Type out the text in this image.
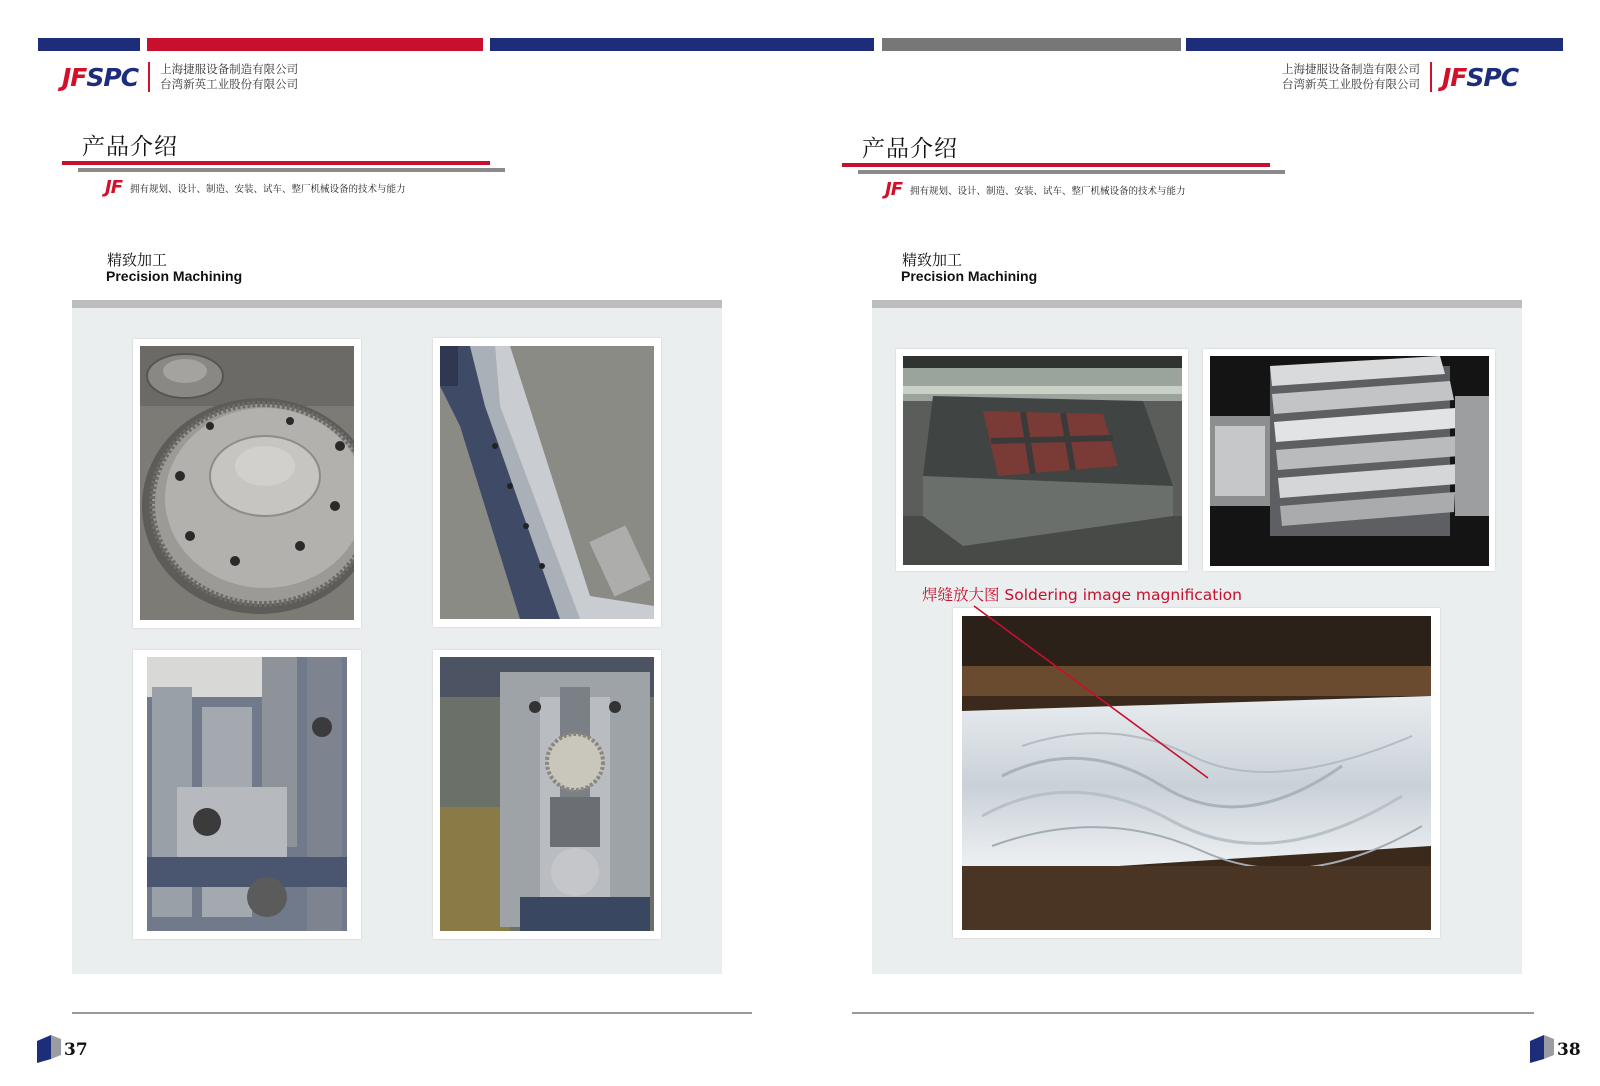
JFSPC 上海捷服设备制造有限公司
台湾新英工业股份有限公司
上海捷服设备制造有限公司
台湾新英工业股份有限公司 JFSPC
产品介绍
JF 拥有规划、设计、制造、安装、试车、整厂机械设备的技术与能力
精致加工
Precision Machining
37
产品介绍
JF 拥有规划、设计、制造、安装、试车、整厂机械设备的技术与能力
精致加工
Precision Machining
焊缝放大图 Soldering image magnification
38
